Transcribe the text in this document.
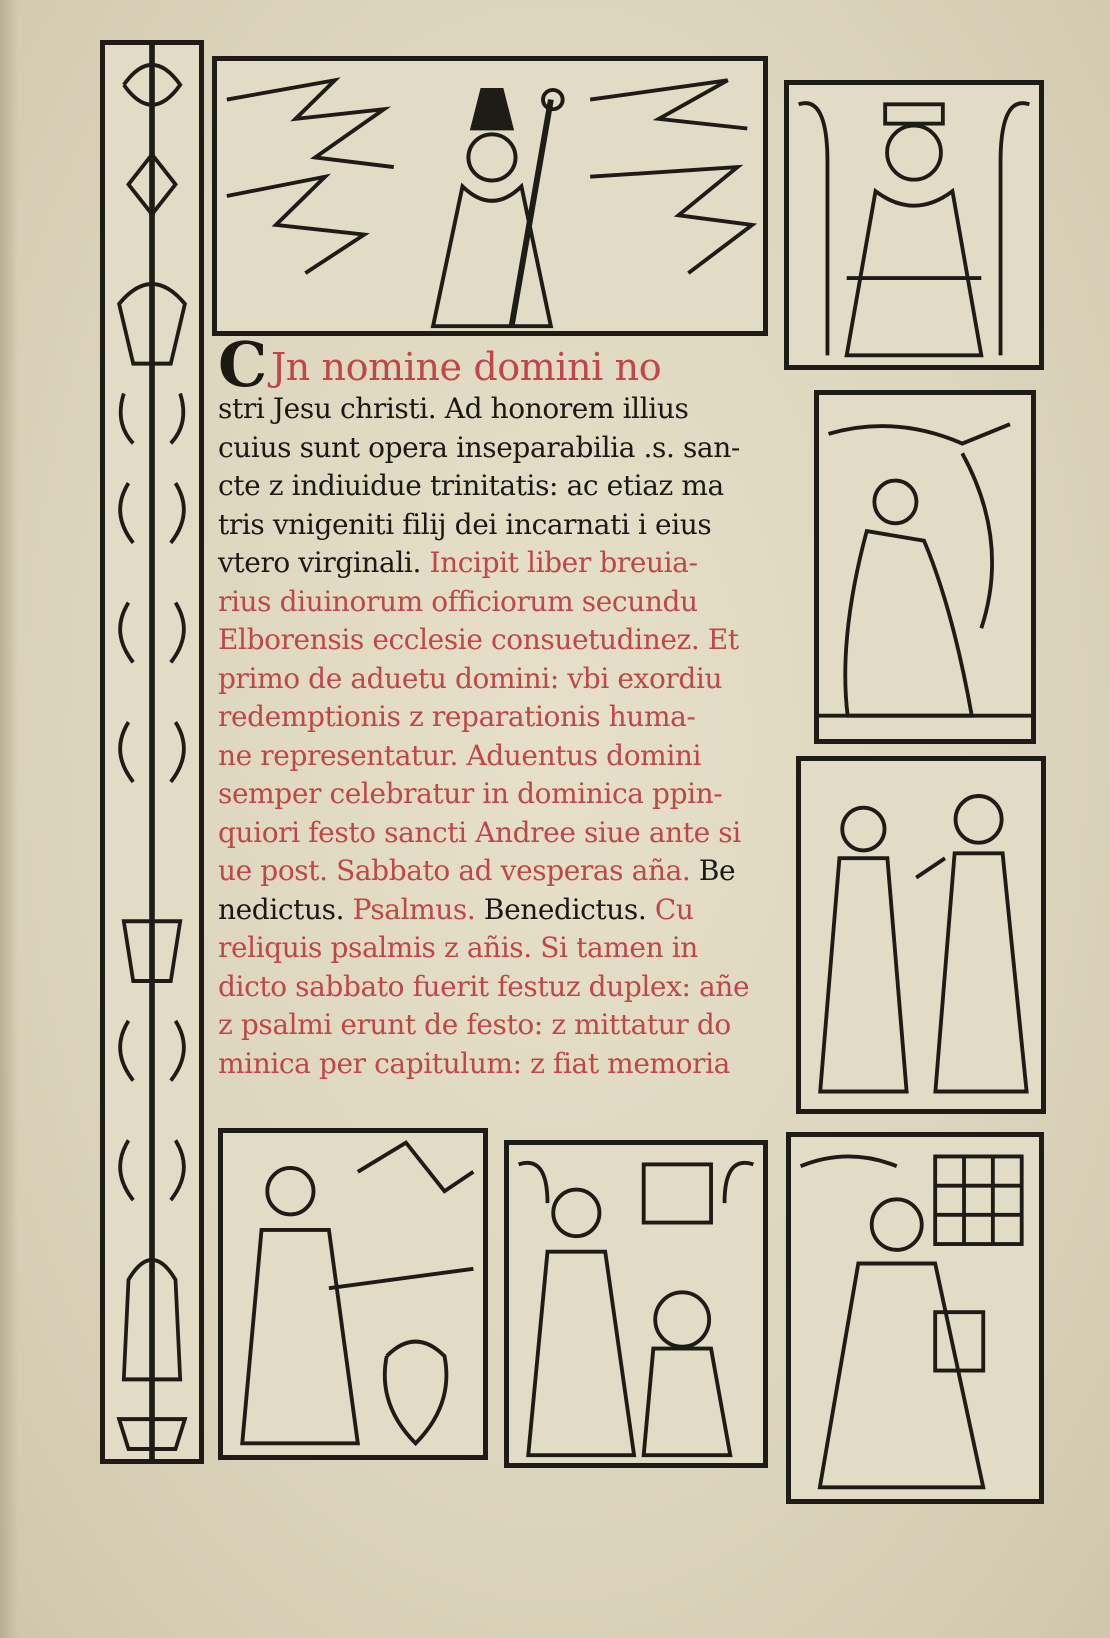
C Jn nomine domini no
stri Jesu christi. Ad honorem illius
cuius sunt opera inseparabilia .s. san-
cte z indiuidue trinitatis: ac etiaz ma
tris vnigeniti filij dei incarnati i eius
vtero virginali. Incipit liber breuia-
rius diuinorum officiorum secundu
Elborensis ecclesie consuetudinez. Et
primo de aduetu domini: vbi exordiu
redemptionis z reparationis huma-
ne representatur. Aduentus domini
semper celebratur in dominica ppin-
quiori festo sancti Andree siue ante si
ue post. Sabbato ad vesperas aña. Be
nedictus. Psalmus. Benedictus. Cu
reliquis psalmis z añis. Si tamen in
dicto sabbato fuerit festuz duplex: añe
z psalmi erunt de festo: z mittatur do
minica per capitulum: z fiat memoria
